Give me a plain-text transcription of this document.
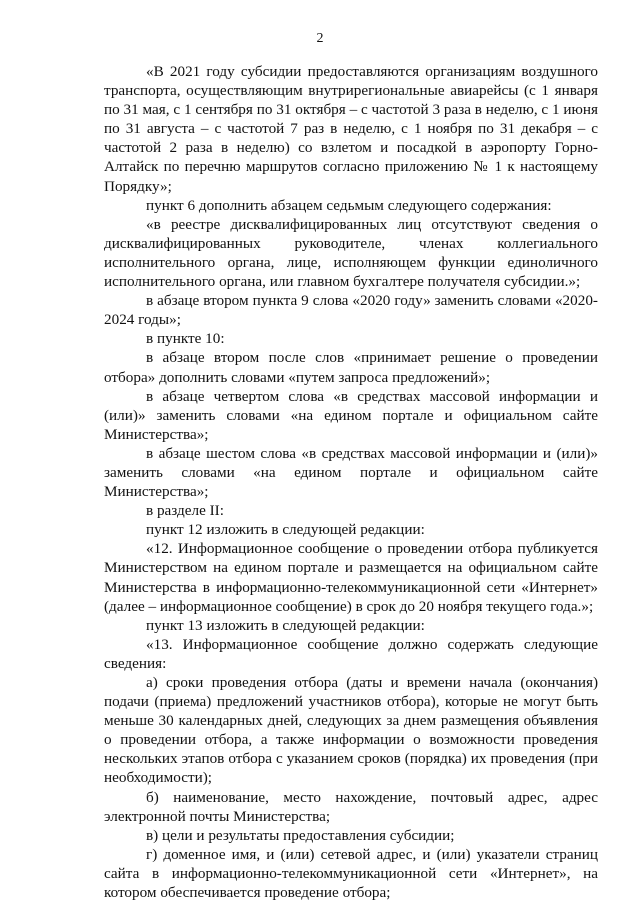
2

«В 2021 году субсидии предоставляются организациям воздушного транспорта, осуществляющим внутрирегиональные авиарейсы (с 1 января по 31 мая, с 1 сентября по 31 октября – с частотой 3 раза в неделю, с 1 июня по 31 августа – с частотой 7 раз в неделю, с 1 ноября по 31 декабря – с частотой 2 раза в неделю) со взлетом и посадкой в аэропорту Горно-Алтайск по перечню маршрутов согласно приложению № 1 к настоящему Порядку»;

пункт 6 дополнить абзацем седьмым следующего содержания:

«в реестре дисквалифицированных лиц отсутствуют сведения о дисквалифицированных руководителе, членах коллегиального исполнительного органа, лице, исполняющем функции единоличного исполнительного органа, или главном бухгалтере получателя субсидии.»;

в абзаце втором пункта 9 слова «2020 году» заменить словами «2020-2024 годы»;

в пункте 10:

в абзаце втором после слов «принимает решение о проведении отбора» дополнить словами «путем запроса предложений»;

в абзаце четвертом слова «в средствах массовой информации и (или)» заменить словами «на едином портале и официальном сайте Министерства»;

в абзаце шестом слова «в средствах массовой информации и (или)» заменить словами «на едином портале и официальном сайте Министерства»;

в разделе II:

пункт 12 изложить в следующей редакции:

«12. Информационное сообщение о проведении отбора публикуется Министерством на едином портале и размещается на официальном сайте Министерства в информационно-телекоммуникационной сети «Интернет» (далее – информационное сообщение) в срок до 20 ноября текущего года.»;

пункт 13 изложить в следующей редакции:

«13. Информационное сообщение должно содержать следующие сведения:

а) сроки проведения отбора (даты и времени начала (окончания) подачи (приема) предложений участников отбора), которые не могут быть меньше 30 календарных дней, следующих за днем размещения объявления о проведении отбора, а также информации о возможности проведения нескольких этапов отбора с указанием сроков (порядка) их проведения (при необходимости);

б) наименование, место нахождение, почтовый адрес, адрес электронной почты Министерства;

в) цели и результаты предоставления субсидии;

г) доменное имя, и (или) сетевой адрес, и (или) указатели страниц сайта в информационно-телекоммуникационной сети «Интернет», на котором обеспечивается проведение отбора;
